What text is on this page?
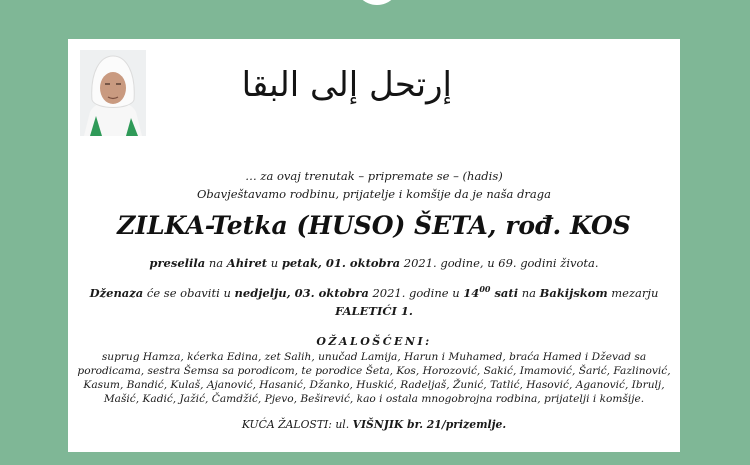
إرتحل إلى البقا
… za ovaj trenutak – pripremate se – (hadis)
Obavještavamo rodbinu, prijatelje i komšije da je naša draga
ZILKA-Tetka (HUSO) ŠETA, rođ. KOS
preselila na Ahiret u petak, 01. oktobra 2021. godine, u 69. godini života.
Dženaza će se obaviti u nedjelju, 03. oktobra 2021. godine u $14^{00}$ sati na Bakijskom mezarju
FALETIĆI 1.
OŽALOŠĆENI:
suprug Hamza, kćerka Edina, zet Salih, unučad Lamija, Harun i Muhamed, braća Hamed i Dževad sa
porodicama, sestra Šemsa sa porodicom, te porodice Šeta, Kos, Horozović, Sakić, Imamović, Šarić, Fazlinović,
Kasum, Bandić, Kulaš, Ajanović, Hasanić, Džanko, Huskić, Radeljaš, Žunić, Tatlić, Hasović, Aganović, Ibrulj,
Mašić, Kadić, Jažić, Čamdžić, Pjevo, Beširević, kao i ostala mnogobrojna rodbina, prijatelji i komšije.
KUĆA ŽALOSTI: ul. VIŠNJIK br. 21/prizemlje.
